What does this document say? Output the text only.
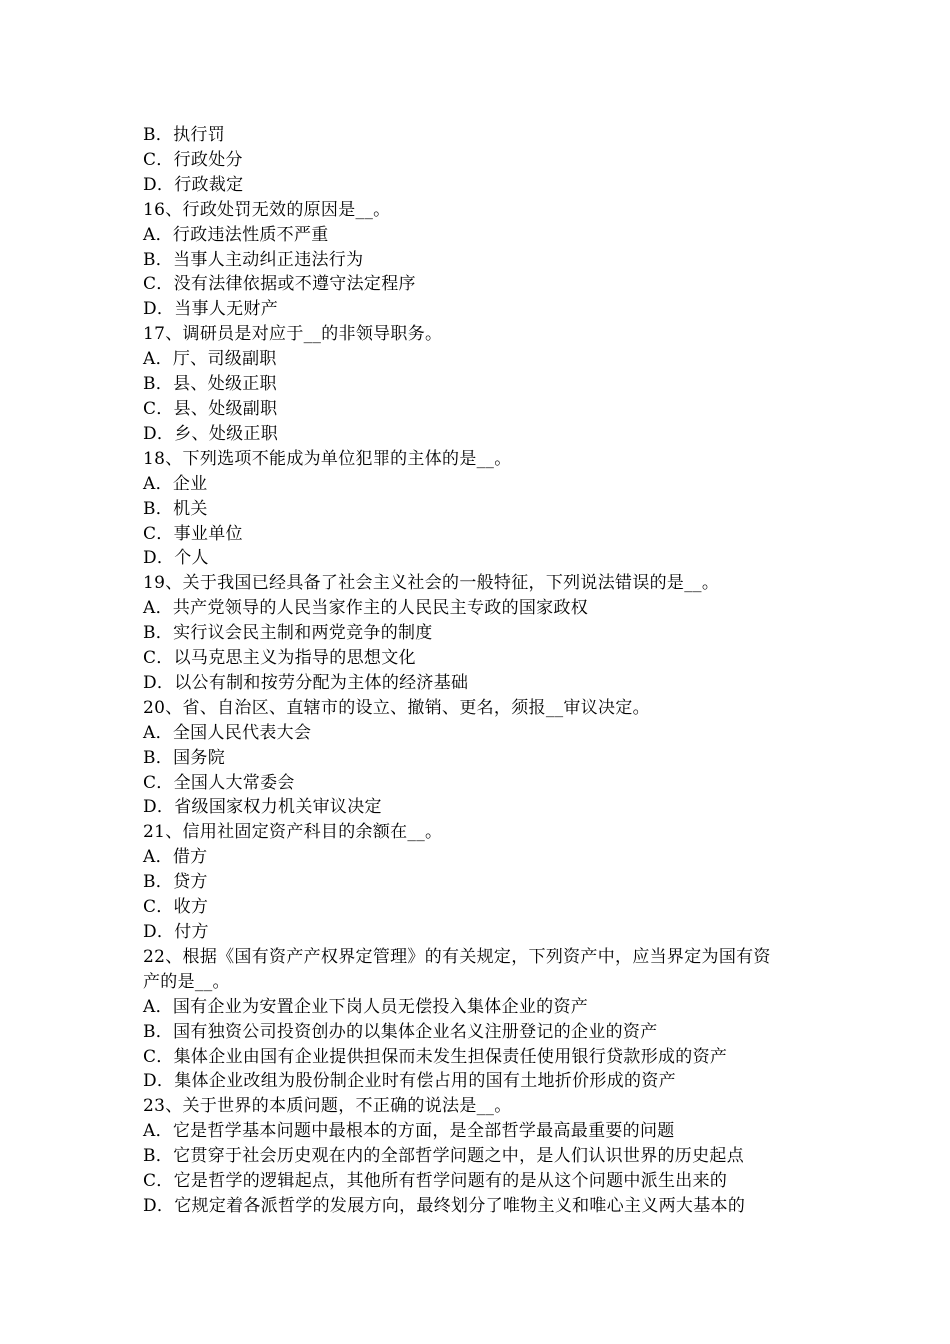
B．执行罚
C．行政处分
D．行政裁定
16、行政处罚无效的原因是__。
A．行政违法性质不严重
B．当事人主动纠正违法行为
C．没有法律依据或不遵守法定程序
D．当事人无财产
17、调研员是对应于__的非领导职务。
A．厅、司级副职
B．县、处级正职
C．县、处级副职
D．乡、处级正职
18、下列选项不能成为单位犯罪的主体的是__。
A．企业
B．机关
C．事业单位
D．个人
19、关于我国已经具备了社会主义社会的一般特征，下列说法错误的是__。
A．共产党领导的人民当家作主的人民民主专政的国家政权
B．实行议会民主制和两党竞争的制度
C．以马克思主义为指导的思想文化
D．以公有制和按劳分配为主体的经济基础
20、省、自治区、直辖市的设立、撤销、更名，须报__审议决定。
A．全国人民代表大会
B．国务院
C．全国人大常委会
D．省级国家权力机关审议决定
21、信用社固定资产科目的余额在__。
A．借方
B．贷方
C．收方
D．付方
22、根据《国有资产产权界定管理》的有关规定，下列资产中，应当界定为国有资
产的是__。
A．国有企业为安置企业下岗人员无偿投入集体企业的资产
B．国有独资公司投资创办的以集体企业名义注册登记的企业的资产
C．集体企业由国有企业提供担保而未发生担保责任使用银行贷款形成的资产
D．集体企业改组为股份制企业时有偿占用的国有土地折价形成的资产
23、关于世界的本质问题，不正确的说法是__。
A．它是哲学基本问题中最根本的方面，是全部哲学最高最重要的问题
B．它贯穿于社会历史观在内的全部哲学问题之中，是人们认识世界的历史起点
C．它是哲学的逻辑起点，其他所有哲学问题有的是从这个问题中派生出来的
D．它规定着各派哲学的发展方向，最终划分了唯物主义和唯心主义两大基本的
